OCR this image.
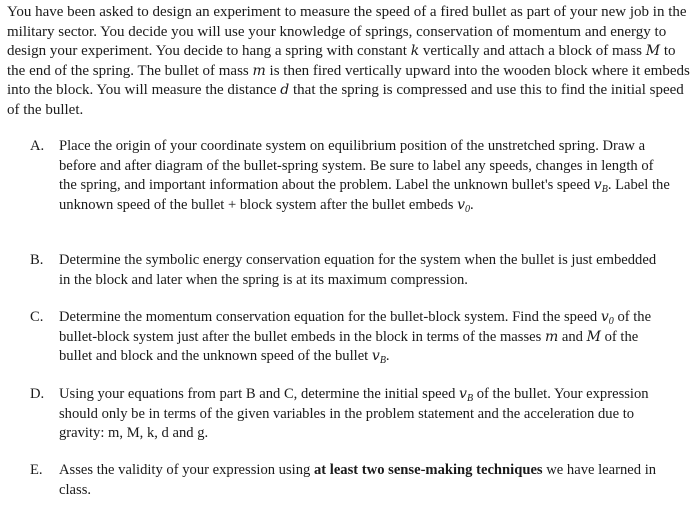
You have been asked to design an experiment to measure the speed of a fired bullet as part of your new job in the military sector. You decide you will use your knowledge of springs, conservation of momentum and energy to design your experiment. You decide to hang a spring with constant k vertically and attach a block of mass M to the end of the spring. The bullet of mass m is then fired vertically upward into the wooden block where it embeds into the block. You will measure the distance d that the spring is compressed and use this to find the initial speed of the bullet.
A.	Place the origin of your coordinate system on equilibrium position of the unstretched spring. Draw a before and after diagram of the bullet-spring system. Be sure to label any speeds, changes in length of the spring, and important information about the problem. Label the unknown bullet's speed $v_B$. Label the unknown speed of the bullet + block system after the bullet embeds $v_0$.
B.	Determine the symbolic energy conservation equation for the system when the bullet is just embedded in the block and later when the spring is at its maximum compression.
C.	Determine the momentum conservation equation for the bullet-block system. Find the speed $v_0$ of the bullet-block system just after the bullet embeds in the block in terms of the masses m and M of the bullet and block and the unknown speed of the bullet $v_B$.
D.	Using your equations from part B and C, determine the initial speed $v_B$ of the bullet. Your expression should only be in terms of the given variables in the problem statement and the acceleration due to gravity: m, M, k, d and g.
E.	Asses the validity of your expression using at least two sense-making techniques we have learned in class.
